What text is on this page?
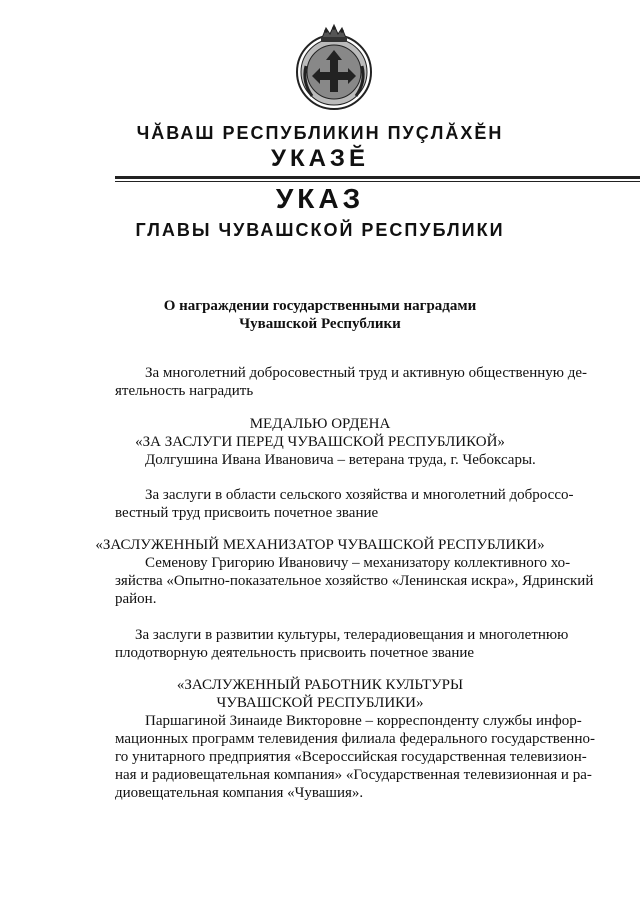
ЧĂВАШ РЕСПУБЛИКИН ПУÇЛĂХĔН
УКАЗĔ
УКАЗ
ГЛАВЫ ЧУВАШСКОЙ РЕСПУБЛИКИ
О награждении государственными наградами
Чувашской Республики
За многолетний добросовестный труд и активную общественную де-
ятельность наградить
МЕДАЛЬЮ ОРДЕНА
«ЗА ЗАСЛУГИ ПЕРЕД ЧУВАШСКОЙ РЕСПУБЛИКОЙ»
Долгушина Ивана Ивановича – ветерана труда, г. Чебоксары.
За заслуги в области сельского хозяйства и многолетний доброссо-
вестный труд присвоить почетное звание
«ЗАСЛУЖЕННЫЙ МЕХАНИЗАТОР ЧУВАШСКОЙ РЕСПУБЛИКИ»
Семенову Григорию Ивановичу – механизатору коллективного хо-
зяйства «Опытно-показательное хозяйство «Ленинская искра», Ядринский
район.
За заслуги в развитии культуры, телерадиовещания и многолетнюю
плодотворную деятельность присвоить почетное звание
«ЗАСЛУЖЕННЫЙ РАБОТНИК КУЛЬТУРЫ
ЧУВАШСКОЙ РЕСПУБЛИКИ»
Паршагиной Зинаиде Викторовне – корреспонденту службы инфор-
мационных программ телевидения филиала федерального государственно-
го унитарного предприятия «Всероссийская государственная телевизион-
ная и радиовещательная компания» «Государственная телевизионная и ра-
диовещательная компания «Чувашия».
